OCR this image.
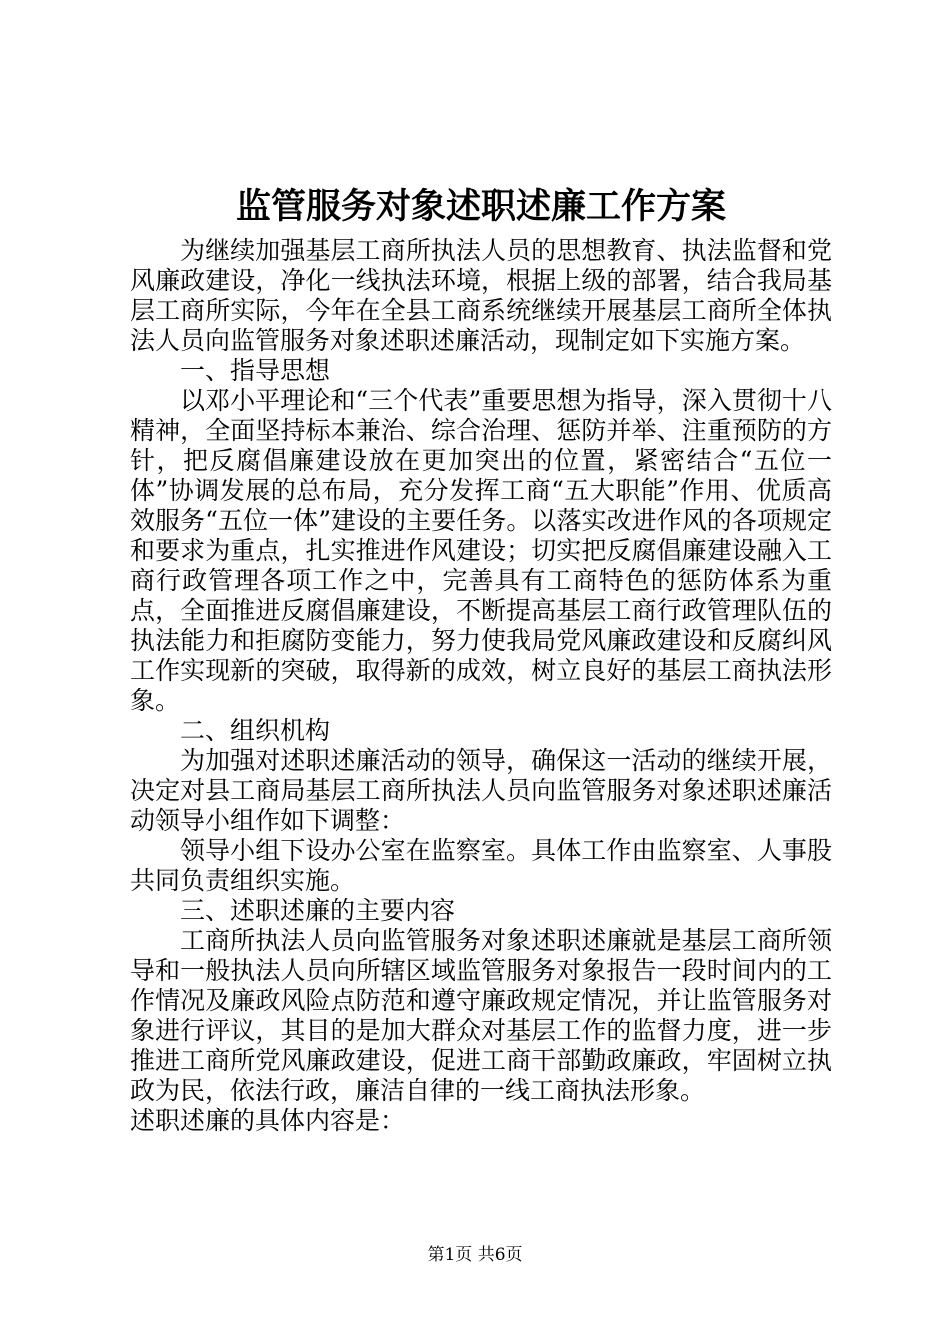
监管服务对象述职述廉工作方案

为继续加强基层工商所执法人员的思想教育、执法监督和党风廉政建设，净化一线执法环境，根据上级的部署，结合我局基层工商所实际，今年在全县工商系统继续开展基层工商所全体执法人员向监管服务对象述职述廉活动，现制定如下实施方案。

一、指导思想

以邓小平理论和“三个代表”重要思想为指导，深入贯彻十八精神，全面坚持标本兼治、综合治理、惩防并举、注重预防的方针，把反腐倡廉建设放在更加突出的位置，紧密结合“五位一体”协调发展的总布局，充分发挥工商“五大职能”作用、优质高效服务“五位一体”建设的主要任务。以落实改进作风的各项规定和要求为重点，扎实推进作风建设；切实把反腐倡廉建设融入工商行政管理各项工作之中，完善具有工商特色的惩防体系为重点，全面推进反腐倡廉建设，不断提高基层工商行政管理队伍的执法能力和拒腐防变能力，努力使我局党风廉政建设和反腐纠风工作实现新的突破，取得新的成效，树立良好的基层工商执法形象。

二、组织机构

为加强对述职述廉活动的领导，确保这一活动的继续开展，决定对县工商局基层工商所执法人员向监管服务对象述职述廉活动领导小组作如下调整：

领导小组下设办公室在监察室。具体工作由监察室、人事股共同负责组织实施。

三、述职述廉的主要内容

工商所执法人员向监管服务对象述职述廉就是基层工商所领导和一般执法人员向所辖区域监管服务对象报告一段时间内的工作情况及廉政风险点防范和遵守廉政规定情况，并让监管服务对象进行评议，其目的是加大群众对基层工作的监督力度，进一步推进工商所党风廉政建设，促进工商干部勤政廉政，牢固树立执政为民，依法行政，廉洁自律的一线工商执法形象。

述职述廉的具体内容是：

第1页 共6页
